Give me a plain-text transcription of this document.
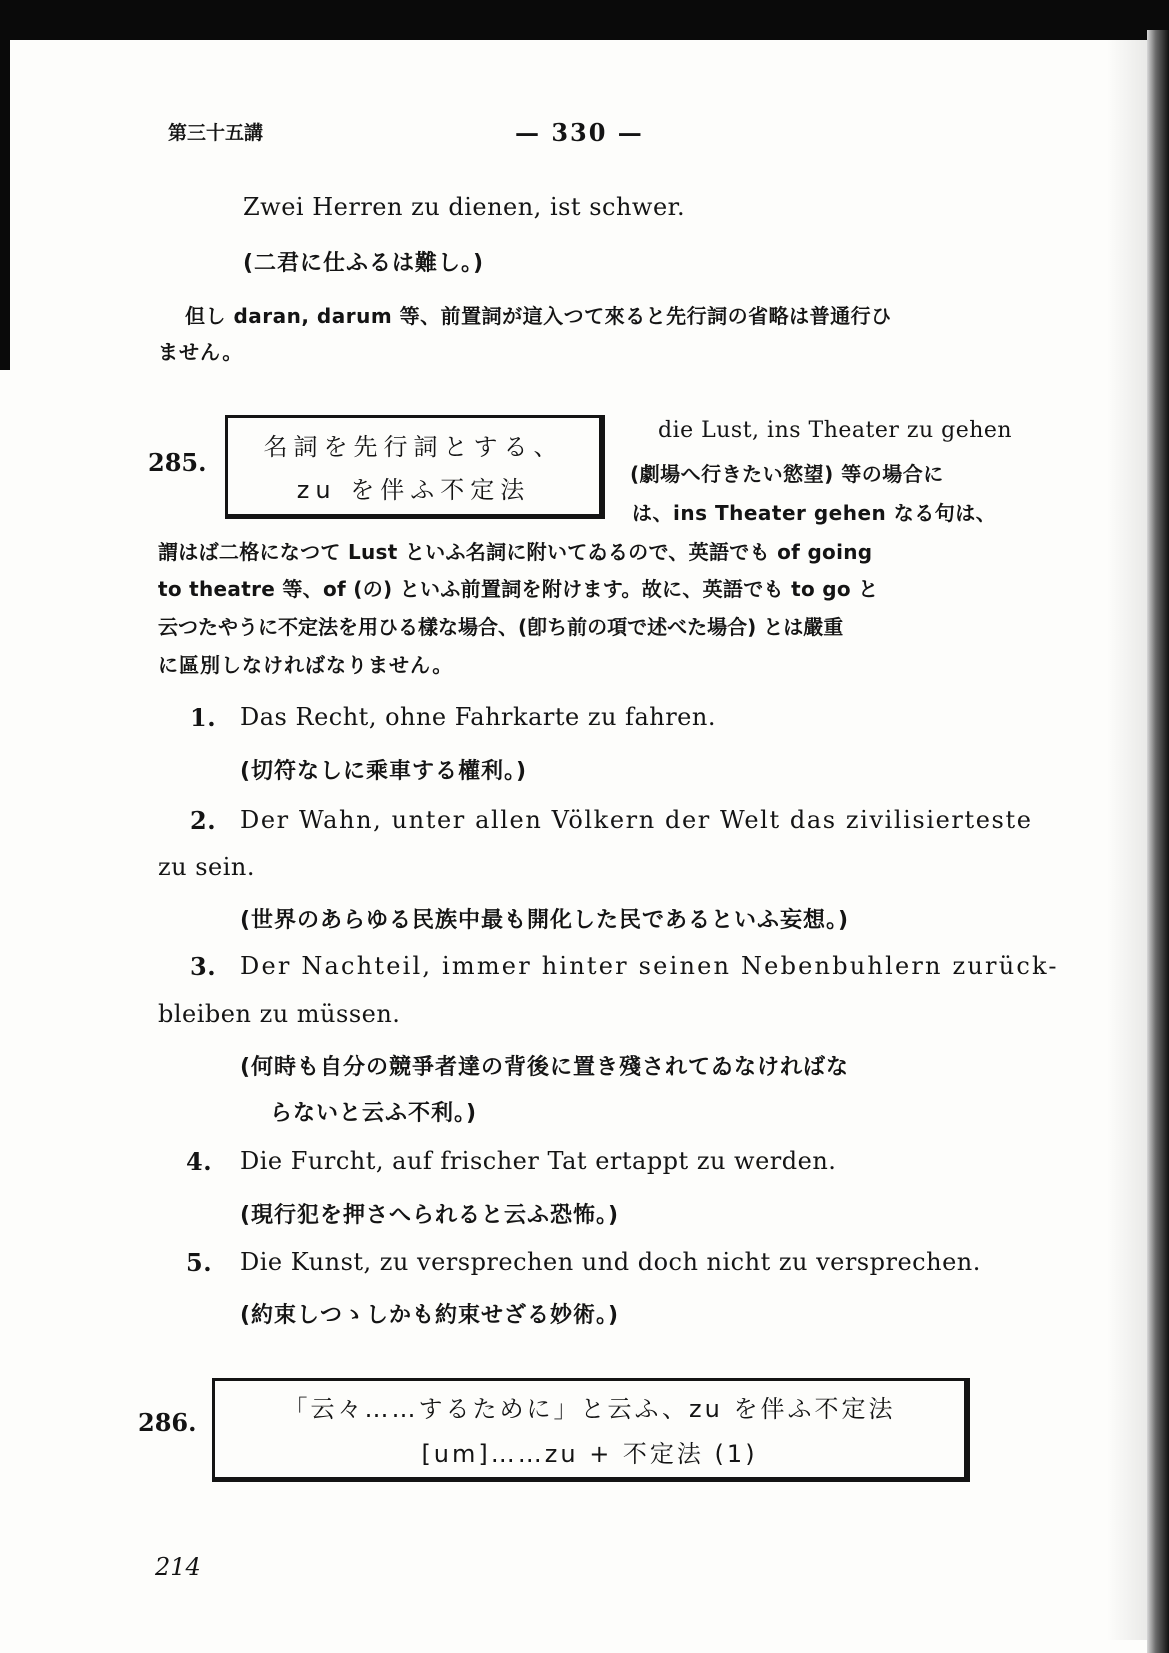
第三十五講	— 330 —
Zwei Herren zu dienen, ist schwer.
(二君に仕ふるは難し。)
但し daran, darum 等、前置詞が這入つて來ると先行詞の省略は普通行ひ
ません。
285.
名詞を先行詞とする、
zu を伴ふ不定法
die Lust, ins Theater zu gehen
(劇場へ行きたい慾望) 等の場合に
は、ins Theater gehen なる句は、
謂はば二格になつて Lust といふ名詞に附いてゐるので、英語でも of going
to theatre 等、of (の) といふ前置詞を附けます。故に、英語でも to go と
云つたやうに不定法を用ひる樣な場合、(卽ち前の項で述べた場合) とは嚴重
に區別しなければなりません。
1. Das Recht, ohne Fahrkarte zu fahren.
(切符なしに乘車する權利。)
2. Der Wahn, unter allen Völkern der Welt das zivilisierteste
zu sein.
(世界のあらゆる民族中最も開化した民であるといふ妄想。)
3. Der Nachteil, immer hinter seinen Nebenbuhlern zurück-
bleiben zu müssen.
(何時も自分の競爭者達の背後に置き殘されてゐなければな
らないと云ふ不利。)
4. Die Furcht, auf frischer Tat ertappt zu werden.
(現行犯を押さへられると云ふ恐怖。)
5. Die Kunst, zu versprechen und doch nicht zu versprechen.
(約束しつゝしかも約束せざる妙術。)
286.	「云々……するために」と云ふ、zu を伴ふ不定法
[um]……zu + 不定法 (1)
214
